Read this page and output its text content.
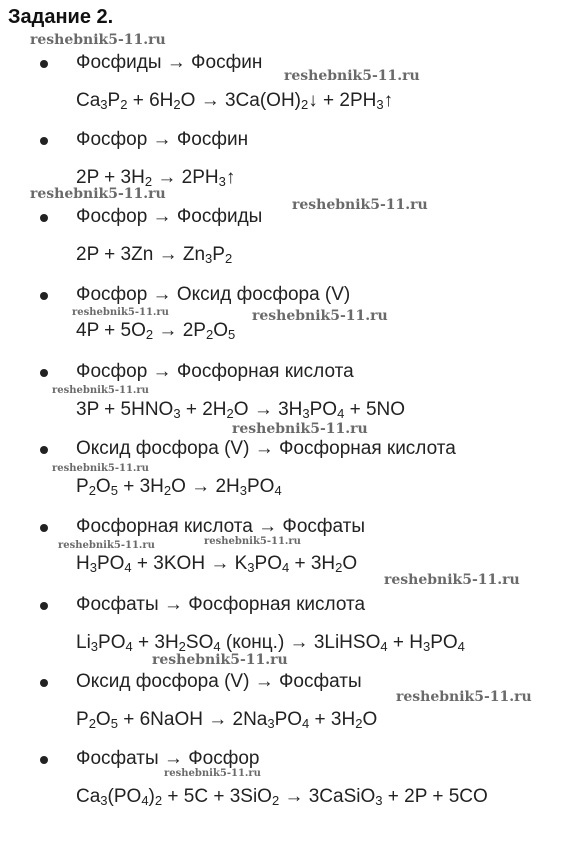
Задание 2.
reshebnik5-11.ru
reshebnik5-11.ru
reshebnik5-11.ru
reshebnik5-11.ru
reshebnik5-11.ru	reshebnik5-11.ru
reshebnik5-11.ru
reshebnik5-11.ru
reshebnik5-11.ru
reshebnik5-11.ru	reshebnik5-11.ru
reshebnik5-11.ru
reshebnik5-11.ru
reshebnik5-11.ru
reshebnik5-11.ru
Фосфиды → Фосфин
$Ca_3P_2 + 6H_2O$ → $3Ca(OH)_2↓$ + $2PH_3↑$
Фосфор → Фосфин
$2P + 3H_2$ → $2PH_3↑$
Фосфор → Фосфиды
$2P + 3Zn \to Zn_3P_2$
Фосфор → Оксид фосфора (V)
$4P + 5O_2 \to 2P_2O_5$
Фосфор → Фосфорная кислота
$3P + 5HNO_3 + 2H_2O \to 3H_3PO_4 + 5NO$
Оксид фосфора (V) → Фосфорная кислота
$P_2O_5 + 3H_2O \to 2H_3PO_4$
Фосфорная кислота → Фосфаты
$H_3PO_4 + 3KOH \to K_3PO_4 + 3H_2O$
Фосфаты → Фосфорная кислота
$Li_3PO_4 + 3H_2SO_4$ (конц.) → 3LiHSO$_4$ + $H_3PO_4$
Оксид фосфора (V) → Фосфаты
$P_2O_5$ + 6NaOH → $2Na_3PO_4 + 3H_2O$
Фосфаты → Фосфор
$Ca_3(PO_4)_2 + 5C + 3SiO_2$ → 3CaSiO$_3$ + 2P + 5CO
